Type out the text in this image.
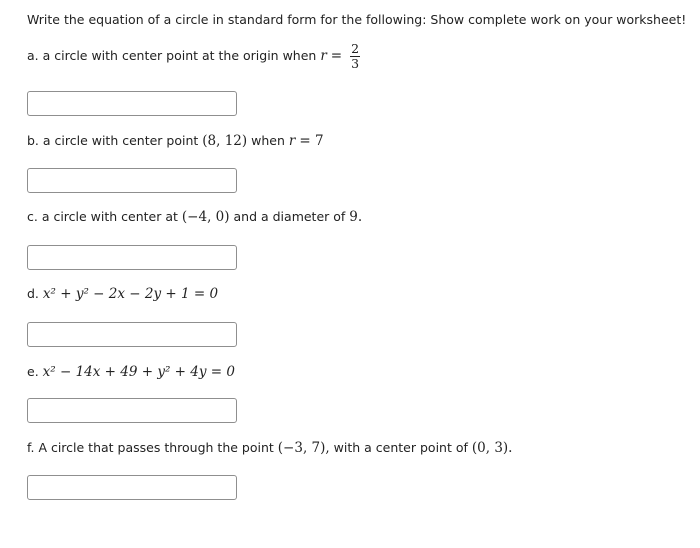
Write the equation of a circle in standard form for the following: Show complete work on your worksheet!
a. a circle with center point at the origin when $r = \frac{2}{3}$
b. a circle with center point (8, 12) when r = 7
c. a circle with center at (−4, 0) and a diameter of 9.
d. x² + y² − 2x − 2y + 1 = 0
e. x² − 14x + 49 + y² + 4y = 0
f. A circle that passes through the point (−3, 7), with a center point of (0, 3).
